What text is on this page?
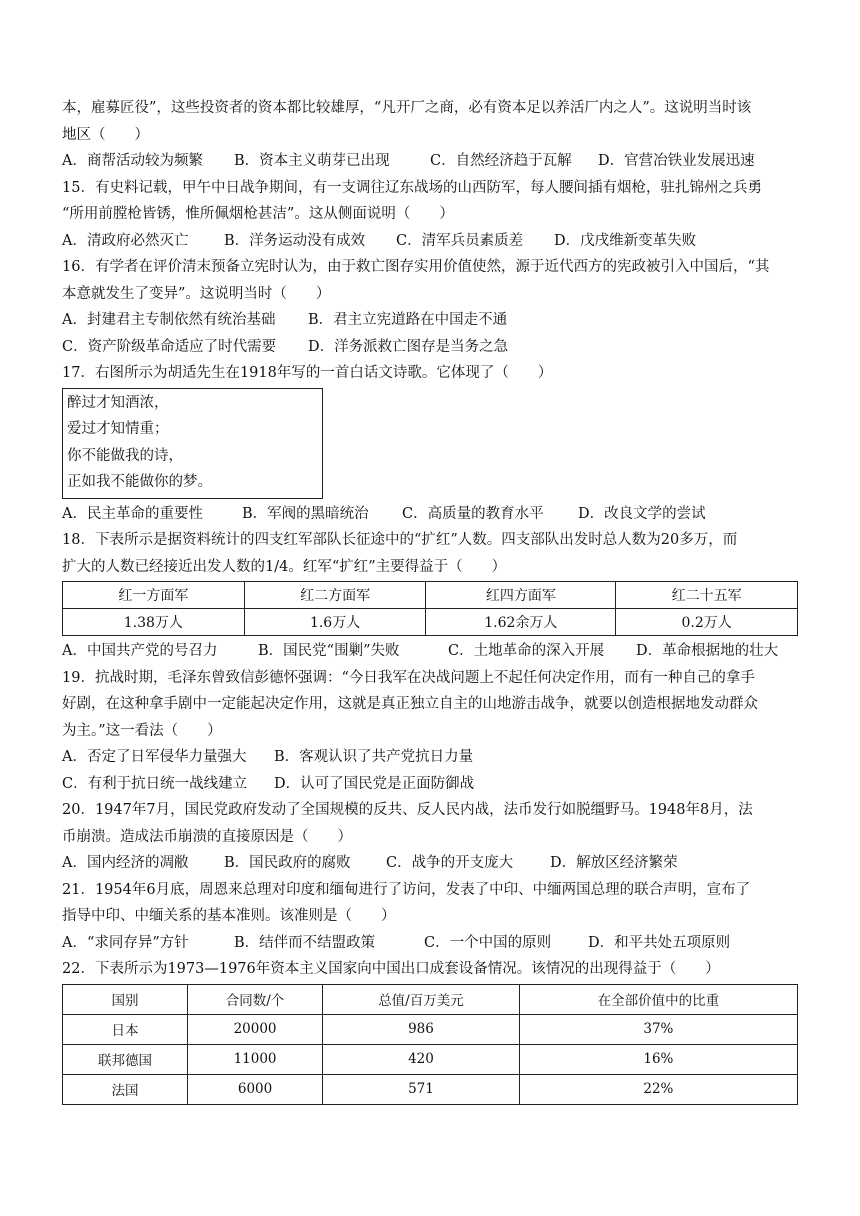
本，雇募匠役”，这些投资者的资本都比较雄厚，“凡开厂之商，必有资本足以养活厂内之人”。这说明当时该
地区（　　）
A．商帮活动较为频繁	B．资本主义萌芽已出现	C．自然经济趋于瓦解	D．官营冶铁业发展迅速
15．有史料记载，甲午中日战争期间，有一支调往辽东战场的山西防军，每人腰间插有烟枪，驻扎锦州之兵勇
“所用前膛枪皆锈，惟所佩烟枪甚洁”。这从侧面说明（　　）
A．清政府必然灭亡	B．洋务运动没有成效	C．清军兵员素质差	D．戊戌维新变革失败
16．有学者在评价清末预备立宪时认为，由于救亡图存实用价值使然，源于近代西方的宪政被引入中国后，“其
本意就发生了变异”。这说明当时（　　）
A．封建君主专制依然有统治基础	B．君主立宪道路在中国走不通
C．资产阶级革命适应了时代需要	D．洋务派救亡图存是当务之急
17．右图所示为胡适先生在1918年写的一首白话文诗歌。它体现了（　　）
醉过才知酒浓，
爱过才知情重；
你不能做我的诗，
正如我不能做你的梦。
A．民主革命的重要性	B．军阀的黑暗统治	C．高质量的教育水平	D．改良文学的尝试
18．下表所示是据资料统计的四支红军部队长征途中的“扩红”人数。四支部队出发时总人数为20多万，而
扩大的人数已经接近出发人数的1/4。红军“扩红”主要得益于（　　）
红一方面军	红二方面军	红四方面军	红二十五军
1.38万人	1.6万人	1.62余万人	0.2万人
A．中国共产党的号召力	B．国民党“围剿”失败	C．土地革命的深入开展	D．革命根据地的壮大
19．抗战时期，毛泽东曾致信彭德怀强调：“今日我军在决战问题上不起任何决定作用，而有一种自己的拿手
好剧，在这种拿手剧中一定能起决定作用，这就是真正独立自主的山地游击战争，就要以创造根据地发动群众
为主。”这一看法（　　）
A．否定了日军侵华力量强大	B．客观认识了共产党抗日力量
C．有利于抗日统一战线建立	D．认可了国民党是正面防御战
20．1947年7月，国民党政府发动了全国规模的反共、反人民内战，法币发行如脱缰野马。1948年8月，法
币崩溃。造成法币崩溃的直接原因是（　　）
A．国内经济的凋敝	B．国民政府的腐败	C．战争的开支庞大	D．解放区经济繁荣
21．1954年6月底，周恩来总理对印度和缅甸进行了访问，发表了中印、中缅两国总理的联合声明，宣布了
指导中印、中缅关系的基本准则。该准则是（　　）
A．“求同存异”方针	B．结伴而不结盟政策	C．一个中国的原则	D．和平共处五项原则
22．下表所示为1973—1976年资本主义国家向中国出口成套设备情况。该情况的出现得益于（　　）
国别	合同数/个	总值/百万美元	在全部价值中的比重
日本	20000	986	37%
联邦德国	11000	420	16%
法国	6000	571	22%
